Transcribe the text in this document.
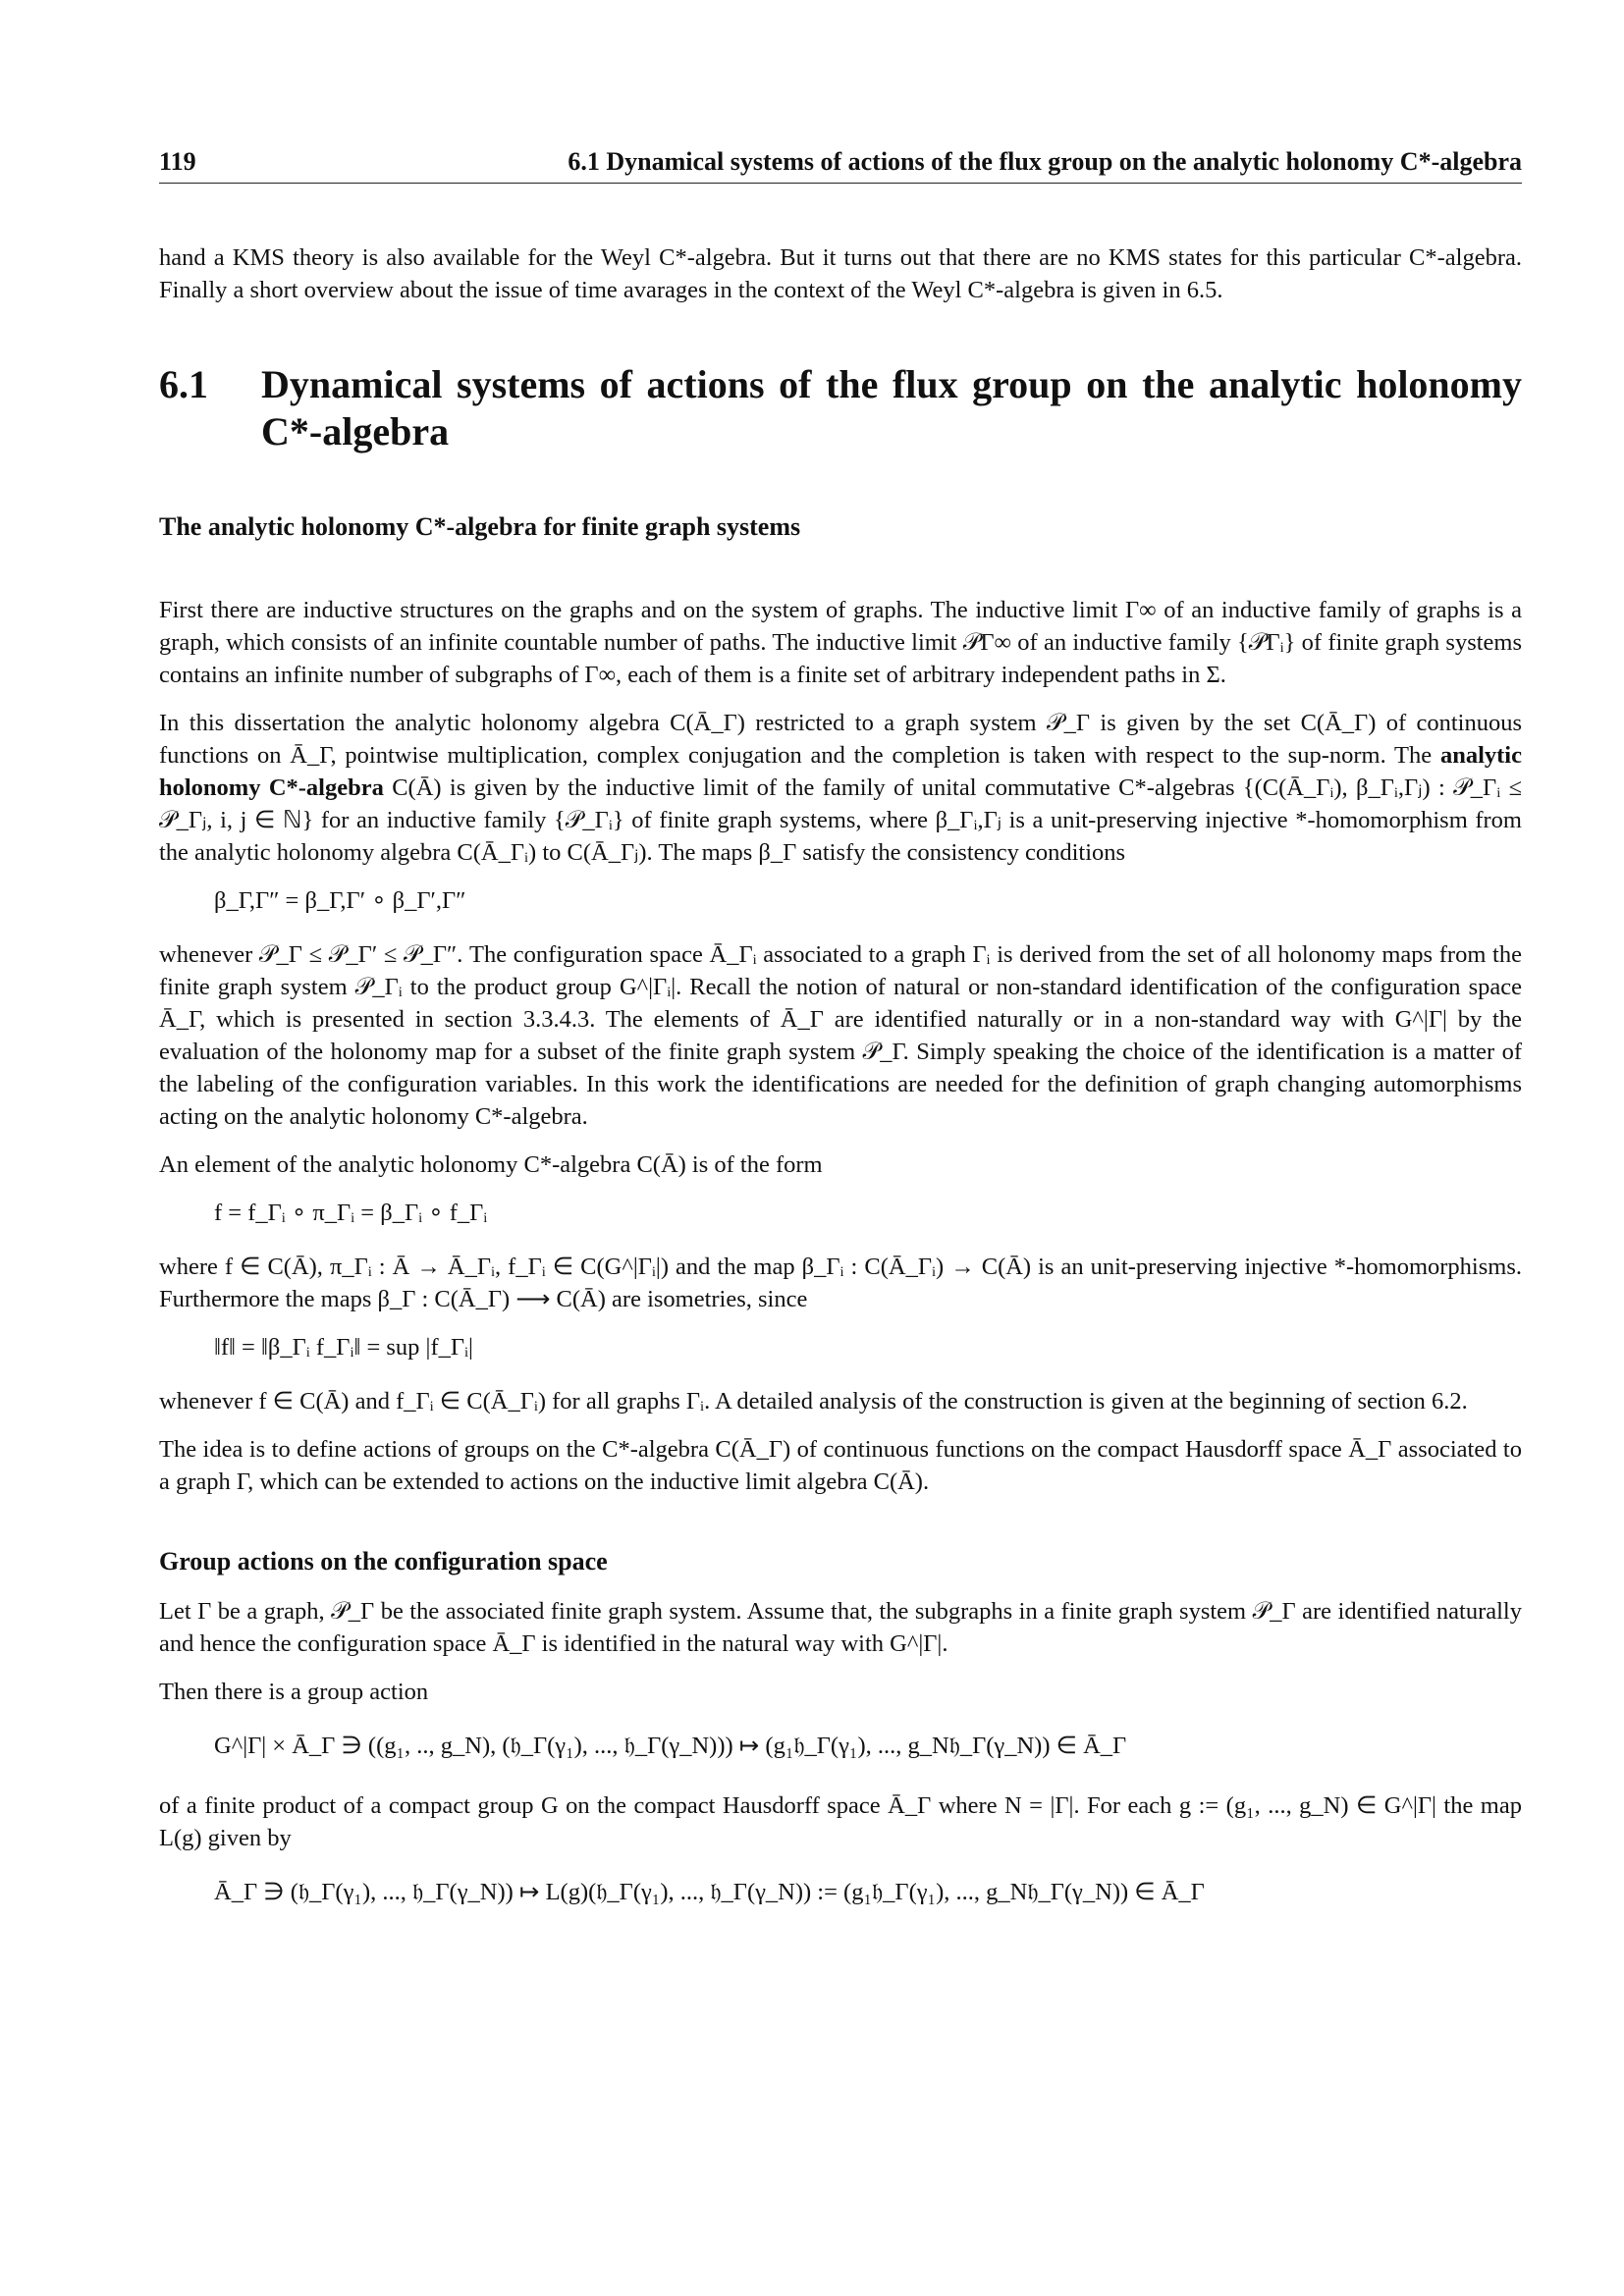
119	6.1 Dynamical systems of actions of the flux group on the analytic holonomy C*-algebra

hand a KMS theory is also available for the Weyl C*-algebra. But it turns out that there are no KMS states for this particular C*-algebra. Finally a short overview about the issue of time avarages in the context of the Weyl C*-algebra is given in 6.5.

6.1	Dynamical systems of actions of the flux group on the analytic holonomy C*-algebra
The analytic holonomy C*-algebra for finite graph systems

First there are inductive structures on the graphs and on the system of graphs. The inductive limit Γ∞ of an inductive family of graphs is a graph, which consists of an infinite countable number of paths. The inductive limit 𝒫Γ∞ of an inductive family {𝒫Γᵢ} of finite graph systems contains an infinite number of subgraphs of Γ∞, each of them is a finite set of arbitrary independent paths in Σ.

In this dissertation the analytic holonomy algebra C(Ā_Γ) restricted to a graph system 𝒫_Γ is given by the set C(Ā_Γ) of continuous functions on Ā_Γ, pointwise multiplication, complex conjugation and the completion is taken with respect to the sup-norm. The analytic holonomy C*-algebra C(Ā) is given by the inductive limit of the family of unital commutative C*-algebras {(C(Ā_Γᵢ), β_Γᵢ,Γⱼ) : 𝒫_Γᵢ ≤ 𝒫_Γⱼ, i, j ∈ ℕ} for an inductive family {𝒫_Γᵢ} of finite graph systems, where β_Γᵢ,Γⱼ is a unit-preserving injective *-homomorphism from the analytic holonomy algebra C(Ā_Γᵢ) to C(Ā_Γⱼ). The maps β_Γ satisfy the consistency conditions

β_Γ,Γ″ = β_Γ,Γ′ ∘ β_Γ′,Γ″

whenever 𝒫_Γ ≤ 𝒫_Γ′ ≤ 𝒫_Γ″. The configuration space Ā_Γᵢ associated to a graph Γᵢ is derived from the set of all holonomy maps from the finite graph system 𝒫_Γᵢ to the product group G^|Γᵢ|. Recall the notion of natural or non-standard identification of the configuration space Ā_Γ, which is presented in section 3.3.4.3. The elements of Ā_Γ are identified naturally or in a non-standard way with G^|Γ| by the evaluation of the holonomy map for a subset of the finite graph system 𝒫_Γ. Simply speaking the choice of the identification is a matter of the labeling of the configuration variables. In this work the identifications are needed for the definition of graph changing automorphisms acting on the analytic holonomy C*-algebra.

An element of the analytic holonomy C*-algebra C(Ā) is of the form

f = f_Γᵢ ∘ π_Γᵢ = β_Γᵢ ∘ f_Γᵢ

where f ∈ C(Ā), π_Γᵢ : Ā → Ā_Γᵢ, f_Γᵢ ∈ C(G^|Γᵢ|) and the map β_Γᵢ : C(Ā_Γᵢ) → C(Ā) is an unit-preserving injective *-homomorphisms. Furthermore the maps β_Γ : C(Ā_Γ) ⟶ C(Ā) are isometries, since

‖f‖ = ‖β_Γᵢ f_Γᵢ‖ = sup |f_Γᵢ|

whenever f ∈ C(Ā) and f_Γᵢ ∈ C(Ā_Γᵢ) for all graphs Γᵢ. A detailed analysis of the construction is given at the beginning of section 6.2.

The idea is to define actions of groups on the C*-algebra C(Ā_Γ) of continuous functions on the compact Hausdorff space Ā_Γ associated to a graph Γ, which can be extended to actions on the inductive limit algebra C(Ā).

Group actions on the configuration space

Let Γ be a graph, 𝒫_Γ be the associated finite graph system. Assume that, the subgraphs in a finite graph system 𝒫_Γ are identified naturally and hence the configuration space Ā_Γ is identified in the natural way with G^|Γ|.

Then there is a group action

G^|Γ| × Ā_Γ ∋ ((g₁, .., g_N), (𝔥_Γ(γ₁), ..., 𝔥_Γ(γ_N))) ↦ (g₁𝔥_Γ(γ₁), ..., g_N𝔥_Γ(γ_N)) ∈ Ā_Γ

of a finite product of a compact group G on the compact Hausdorff space Ā_Γ where N = |Γ|. For each g := (g₁, ..., g_N) ∈ G^|Γ| the map L(g) given by

Ā_Γ ∋ (𝔥_Γ(γ₁), ..., 𝔥_Γ(γ_N)) ↦ L(g)(𝔥_Γ(γ₁), ..., 𝔥_Γ(γ_N)) := (g₁𝔥_Γ(γ₁), ..., g_N𝔥_Γ(γ_N)) ∈ Ā_Γ
